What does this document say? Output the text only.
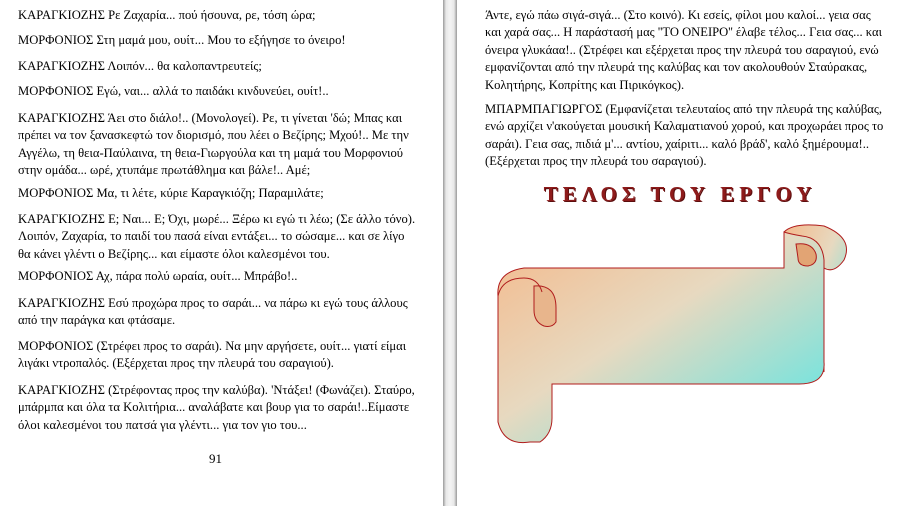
ΚΑΡΑΓΚΙΟΖΗΣ Ρε Ζαχαρία... πού ήσουνα, ρε, τόση ώρα;

ΜΟΡΦΟΝΙΟΣ Στη μαμά μου, ουίτ... Μου το εξήγησε το όνειρο!

ΚΑΡΑΓΚΙΟΖΗΣ Λοιπόν... θα καλοπαντρευτείς;

ΜΟΡΦΟΝΙΟΣ Εγώ, ναι... αλλά το παιδάκι κινδυνεύει, ουίτ!..

ΚΑΡΑΓΚΙΟΖΗΣ Άει στο διάλο!.. (Μονολογεί). Ρε, τι γίνεται 'δώ; Μπας και πρέπει να τον ξανασκεφτώ τον διορισμό, που λέει ο Βεζίρης; Μχού!.. Με την Αγγέλω, τη θεια-Παύλαινα, τη θεια-Γιωργούλα και τη μαμά του Μορφονιού στην ομάδα... ωρέ, χτυπάμε πρωτάθλημα και βάλε!.. Αμέ;

ΜΟΡΦΟΝΙΟΣ Μα, τι λέτε, κύριε Καραγκιόζη; Παραμιλάτε;

ΚΑΡΑΓΚΙΟΖΗΣ Ε; Ναι... Ε; Όχι, μωρέ... Ξέρω κι εγώ τι λέω; (Σε άλλο τόνο). Λοιπόν, Ζαχαρία, το παιδί του πασά είναι εντάξει... το σώσαμε... και σε λίγο θα κάνει γλέντι ο Βεζίρης... και είμαστε όλοι καλεσμένοι του.

ΜΟΡΦΟΝΙΟΣ Αχ, πάρα πολύ ωραία, ουίτ... Μπράβο!..

ΚΑΡΑΓΚΙΟΖΗΣ Εσύ προχώρα προς το σαράι... να πάρω κι εγώ τους άλλους από την παράγκα και φτάσαμε.

ΜΟΡΦΟΝΙΟΣ (Στρέφει προς το σαράι). Να μην αργήσετε, ουίτ... γιατί είμαι λιγάκι ντροπαλός. (Εξέρχεται προς την πλευρά του σαραγιού).

ΚΑΡΑΓΚΙΟΖΗΣ (Στρέφοντας προς την καλύβα). 'Ντάξει! (Φωνάζει). Σταύρο, μπάρμπα και όλα τα Κολιτήρια... αναλάβατε και βουρ για το σαράι!..Είμαστε όλοι καλεσμένοι του πατσά για γλέντι... για τον γιο του...

91

Άντε, εγώ πάω σιγά-σιγά... (Στο κοινό). Κι εσείς, φίλοι μου καλοί... γεια σας και χαρά σας... Η παράστασή μας ''ΤΟ ΟΝΕΙΡΟ'' έλαβε τέλος... Γεια σας... και όνειρα γλυκάαα!.. (Στρέφει και εξέρχεται προς την πλευρά του σαραγιού, ενώ εμφανίζονται από την πλευρά της καλύβας και τον ακολουθούν Σταύρακας, Κολητήρης, Κοπρίτης και Πιρικόγκος).

ΜΠΑΡΜΠΑΓΙΩΡΓΟΣ (Εμφανίζεται τελευταίος από την πλευρά της καλύβας, ενώ αρχίζει ν'ακούγεται μουσική Καλαματιανού χορού, και προχωράει προς το σαράι). Γεια σας, πιδιά μ'... αντίου, χαίριτι... καλό βράδ', καλό ξημέρουμα!.. (Εξέρχεται προς την πλευρά του σαραγιού).

ΤΕΛΟΣ ΤΟΥ ΕΡΓΟΥ
